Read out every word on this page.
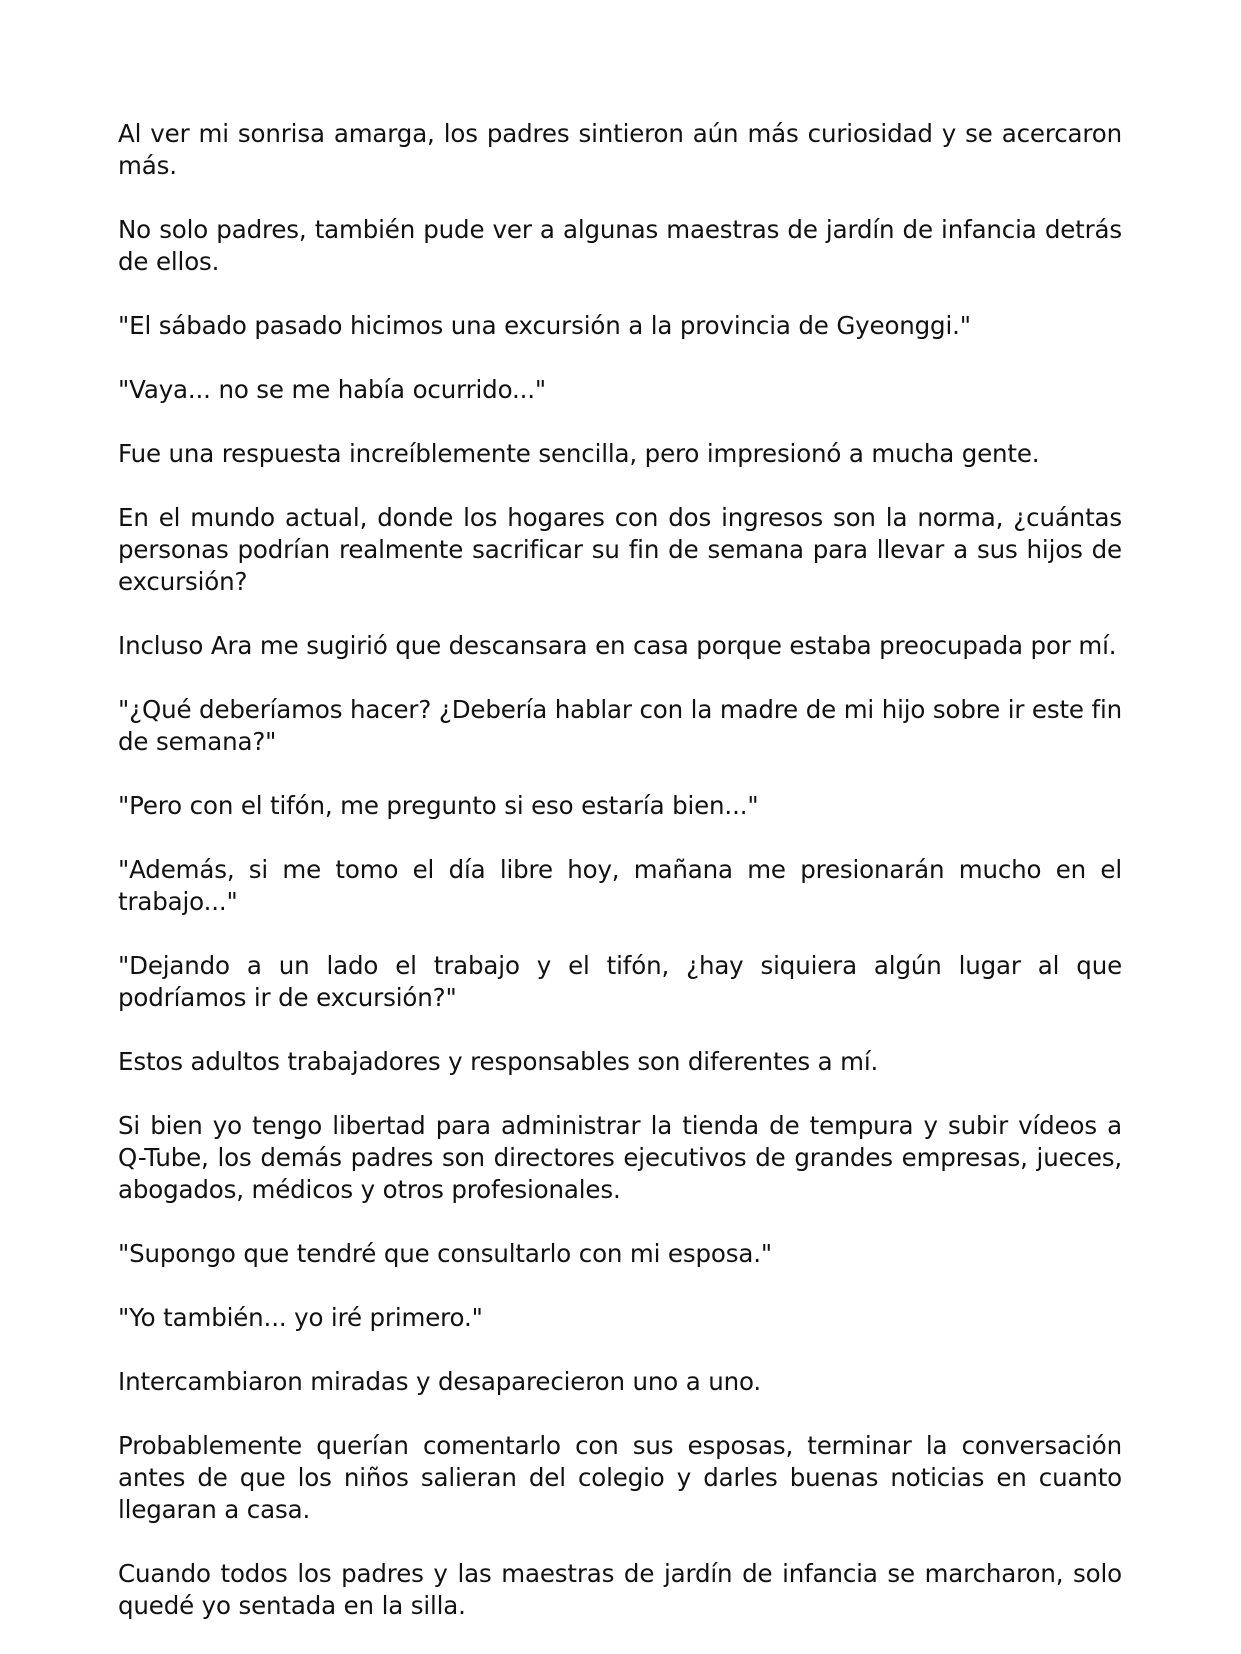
Al ver mi sonrisa amarga, los padres sintieron aún más curiosidad y se acercaron más.

No solo padres, también pude ver a algunas maestras de jardín de infancia detrás de ellos.

"El sábado pasado hicimos una excursión a la provincia de Gyeonggi."

"Vaya... no se me había ocurrido..."

Fue una respuesta increíblemente sencilla, pero impresionó a mucha gente.

En el mundo actual, donde los hogares con dos ingresos son la norma, ¿cuántas personas podrían realmente sacrificar su fin de semana para llevar a sus hijos de excursión?

Incluso Ara me sugirió que descansara en casa porque estaba preocupada por mí.

"¿Qué deberíamos hacer? ¿Debería hablar con la madre de mi hijo sobre ir este fin de semana?"

"Pero con el tifón, me pregunto si eso estaría bien..."

"Además, si me tomo el día libre hoy, mañana me presionarán mucho en el trabajo..."

"Dejando a un lado el trabajo y el tifón, ¿hay siquiera algún lugar al que podríamos ir de excursión?"

Estos adultos trabajadores y responsables son diferentes a mí.

Si bien yo tengo libertad para administrar la tienda de tempura y subir vídeos a Q-Tube, los demás padres son directores ejecutivos de grandes empresas, jueces, abogados, médicos y otros profesionales.

"Supongo que tendré que consultarlo con mi esposa."

"Yo también... yo iré primero."

Intercambiaron miradas y desaparecieron uno a uno.

Probablemente querían comentarlo con sus esposas, terminar la conversación antes de que los niños salieran del colegio y darles buenas noticias en cuanto llegaran a casa.

Cuando todos los padres y las maestras de jardín de infancia se marcharon, solo quedé yo sentada en la silla.
